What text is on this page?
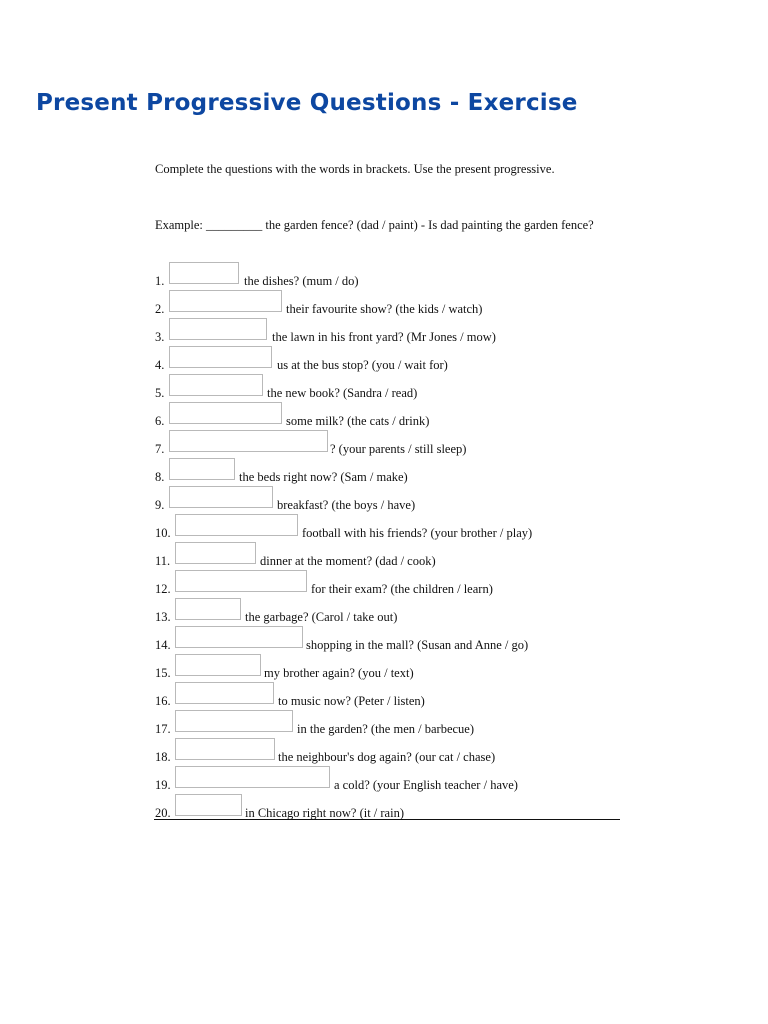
Present Progressive Questions - Exercise

Complete the questions with the words in brackets. Use the present progressive.

Example: _________ the garden fence? (dad / paint) - Is dad painting the garden fence?

1.	the dishes? (mum / do)
2.	their favourite show? (the kids / watch)
3.	the lawn in his front yard? (Mr Jones / mow)
4.	us at the bus stop? (you / wait for)
5.	the new book? (Sandra / read)
6.	some milk? (the cats / drink)
7.	? (your parents / still sleep)
8.	the beds right now? (Sam / make)
9.	breakfast? (the boys / have)
10.	football with his friends? (your brother / play)
11.	dinner at the moment? (dad / cook)
12.	for their exam? (the children / learn)
13.	the garbage? (Carol / take out)
14.	shopping in the mall? (Susan and Anne / go)
15.	my brother again? (you / text)
16.	to music now? (Peter / listen)
17.	in the garden? (the men / barbecue)
18.	the neighbour's dog again? (our cat / chase)
19.	a cold? (your English teacher / have)
20.	in Chicago right now? (it / rain)
